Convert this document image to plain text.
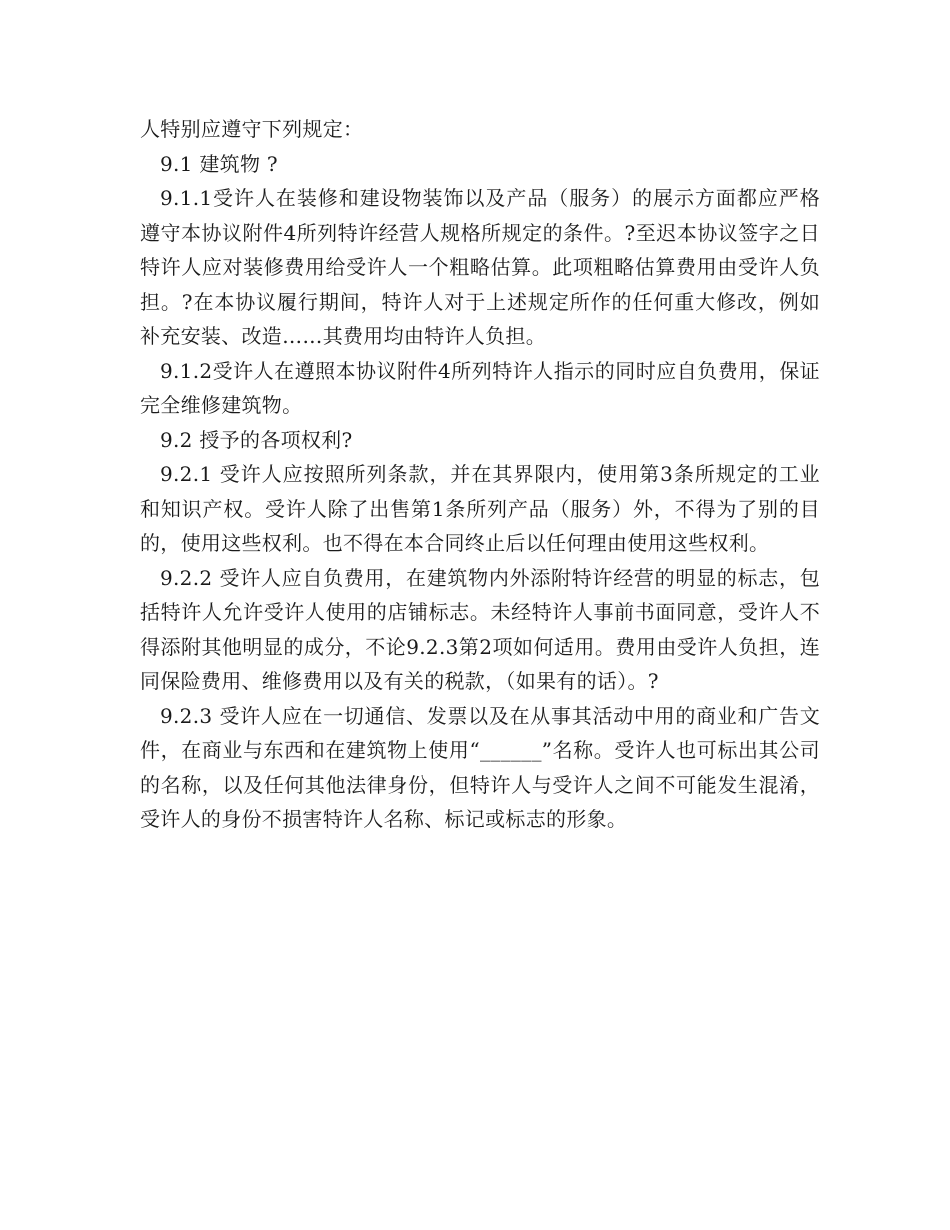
人特别应遵守下列规定：

9.1 建筑物 ?

9.1.1受许人在装修和建设物装饰以及产品（服务）的展示方面都应严格遵守本协议附件4所列特许经营人规格所规定的条件。?至迟本协议签字之日特许人应对装修费用给受许人一个粗略估算。此项粗略估算费用由受许人负担。?在本协议履行期间，特许人对于上述规定所作的任何重大修改，例如补充安装、改造……其费用均由特许人负担。

9.1.2受许人在遵照本协议附件4所列特许人指示的同时应自负费用，保证完全维修建筑物。

9.2 授予的各项权利?

9.2.1 受许人应按照所列条款，并在其界限内，使用第3条所规定的工业和知识产权。受许人除了出售第1条所列产品（服务）外，不得为了别的目的，使用这些权利。也不得在本合同终止后以任何理由使用这些权利。

9.2.2 受许人应自负费用，在建筑物内外添附特许经营的明显的标志，包括特许人允许受许人使用的店铺标志。未经特许人事前书面同意，受许人不得添附其他明显的成分，不论9.2.3第2项如何适用。费用由受许人负担，连同保险费用、维修费用以及有关的税款，（如果有的话）。?

9.2.3 受许人应在一切通信、发票以及在从事其活动中用的商业和广告文件，在商业与东西和在建筑物上使用“______”名称。受许人也可标出其公司的名称，以及任何其他法律身份，但特许人与受许人之间不可能发生混淆，受许人的身份不损害特许人名称、标记或标志的形象。
